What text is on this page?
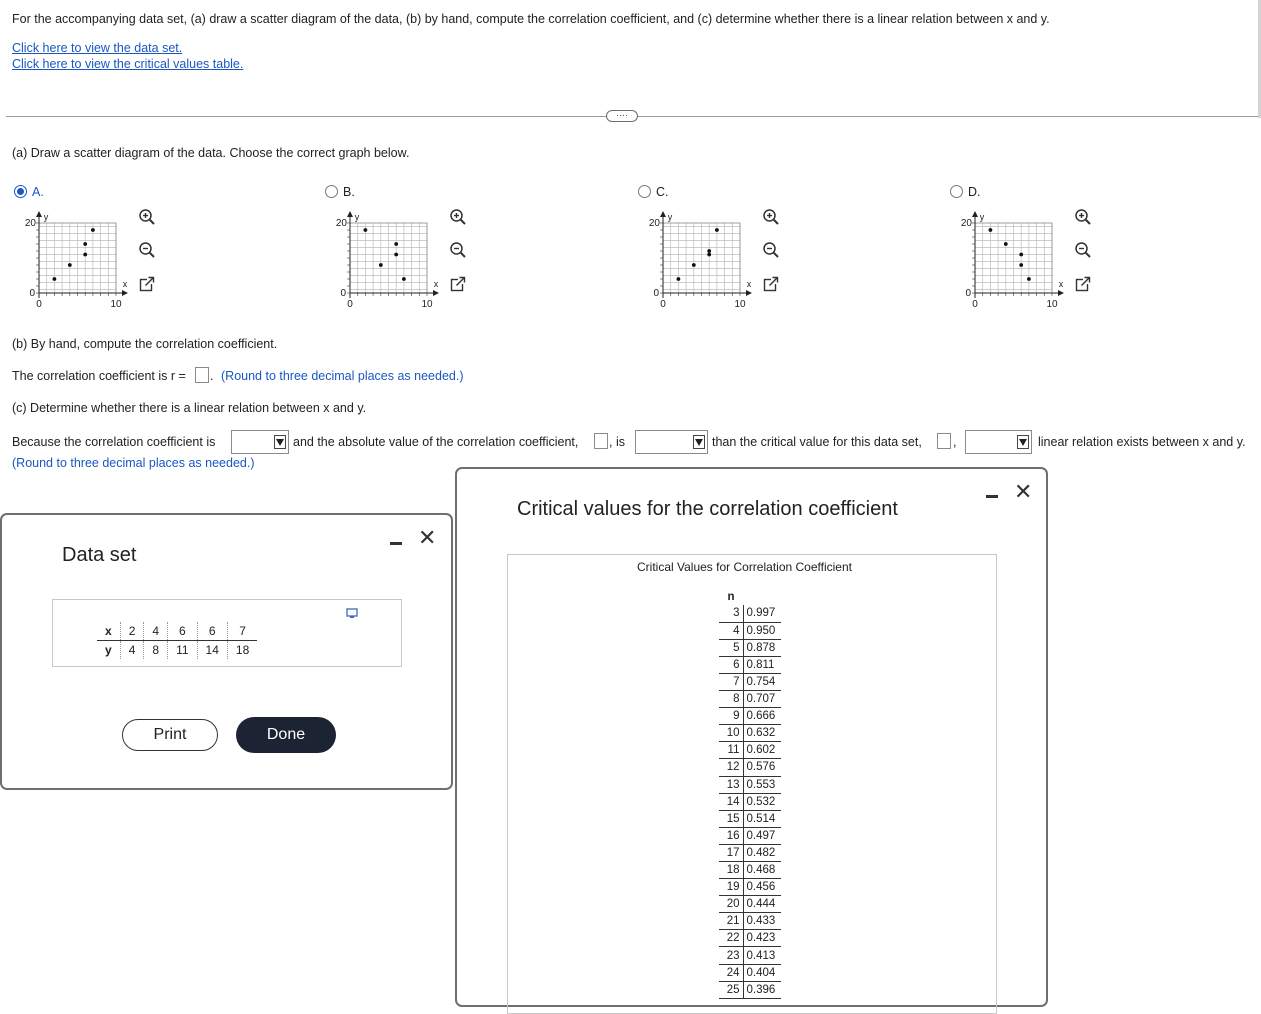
For the accompanying data set, (a) draw a scatter diagram of the data, (b) by hand, compute the correlation coefficient, and (c) determine whether there is a linear relation between x and y.
Click here to view the data set.
Click here to view the critical values table.
····
(a) Draw a scatter diagram of the data. Choose the correct graph below.
A.
y
x
20
0
0	10
B.
y
x
20
0
0	10
C.
y
x
20
0
0	10
D.
y
x
20
0
0	10
(b) By hand, compute the correlation coefficient.
The correlation coefficient is r = . (Round to three decimal places as needed.)
(c) Determine whether there is a linear relation between x and y.
Because the correlation coefficient is	and the absolute value of the correlation coefficient, , is	than the critical value for this data set, ,	linear relation exists between x and y.
(Round to three decimal places as needed.)
Data set
✕
x	2	4	6	6	7
y	4	8	11	14	18
Print	Done
Critical values for the correlation coefficient
✕
Critical Values for Correlation Coefficient
n	
3	0.997
4	0.950
5	0.878
6	0.811
7	0.754
8	0.707
9	0.666
10	0.632
11	0.602
12	0.576
13	0.553
14	0.532
15	0.514
16	0.497
17	0.482
18	0.468
19	0.456
20	0.444
21	0.433
22	0.423
23	0.413
24	0.404
25	0.396
